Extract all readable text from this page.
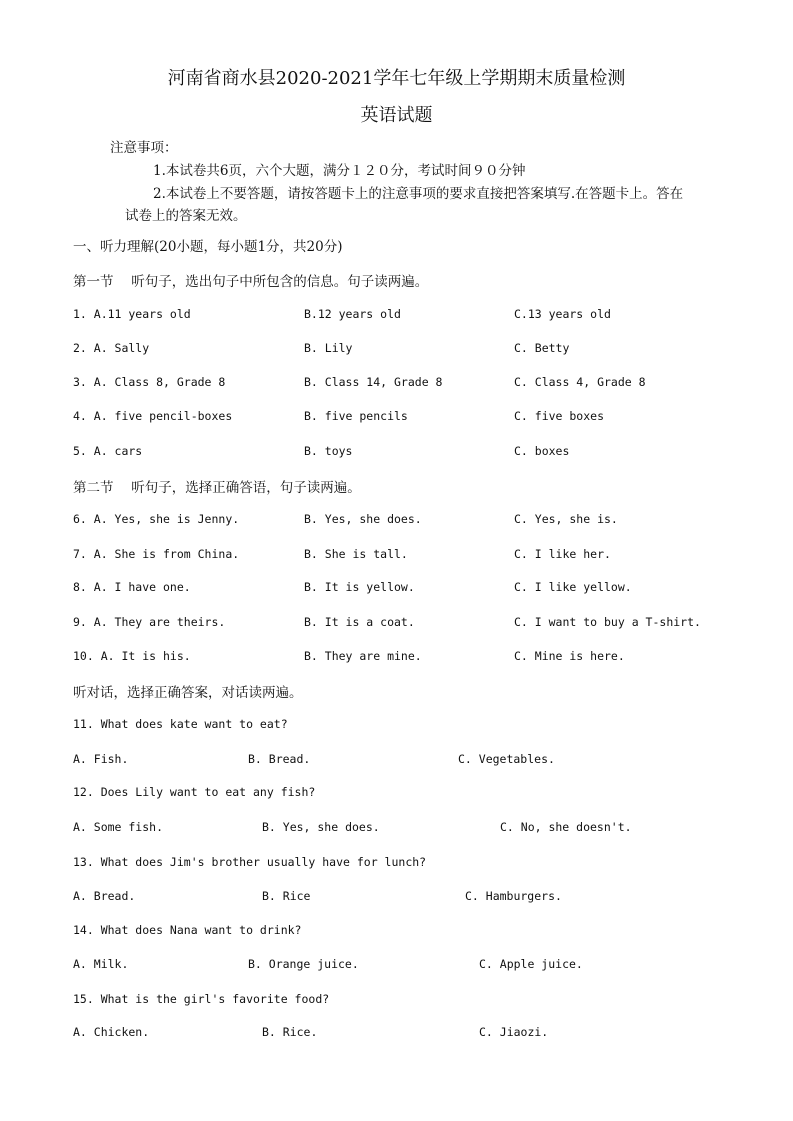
河南省商水县2020-2021学年七年级上学期期末质量检测
英语试题
注意事项：
1.本试卷共6页，六个大题，满分１２０分，考试时间９０分钟
2.本试卷上不要答题，请按答题卡上的注意事项的要求直接把答案填写.在答题卡上。答在
试卷上的答案无效。
一、听力理解(20小题，每小题1分，共20分)
第一节　 听句子，选出句子中所包含的信息。句子读两遍。
1. A.11 years old	B.12 years old	C.13 years old
2. A. Sally	B. Lily	C. Betty
3. A. Class 8, Grade 8	B. Class 14, Grade 8	C. Class 4, Grade 8
4. A. five pencil-boxes	B. five pencils	C. five boxes
5. A. cars	B. toys	C. boxes
第二节　 听句子，选择正确答语，句子读两遍。
6. A. Yes, she is Jenny.	B. Yes, she does.	C. Yes, she is.
7. A. She is from China.	B. She is tall.	C. I like her.
8. A. I have one.	B. It is yellow.	C. I like yellow.
9. A. They are theirs.	B. It is a coat.	C. I want to buy a T-shirt.
10. A. It is his.	B. They are mine.	C. Mine is here.
听对话，选择正确答案，对话读两遍。
11. What does kate want to eat?
A. Fish.	B. Bread.	C. Vegetables.
12. Does Lily want to eat any fish?
A. Some fish.	B. Yes, she does.	C. No, she doesn't.
13. What does Jim's brother usually have for lunch?
A. Bread.	B. Rice	C. Hamburgers.
14. What does Nana want to drink?
A. Milk.	B. Orange juice.	C. Apple juice.
15. What is the girl's favorite food?
A. Chicken.	B. Rice.	C. Jiaozi.
